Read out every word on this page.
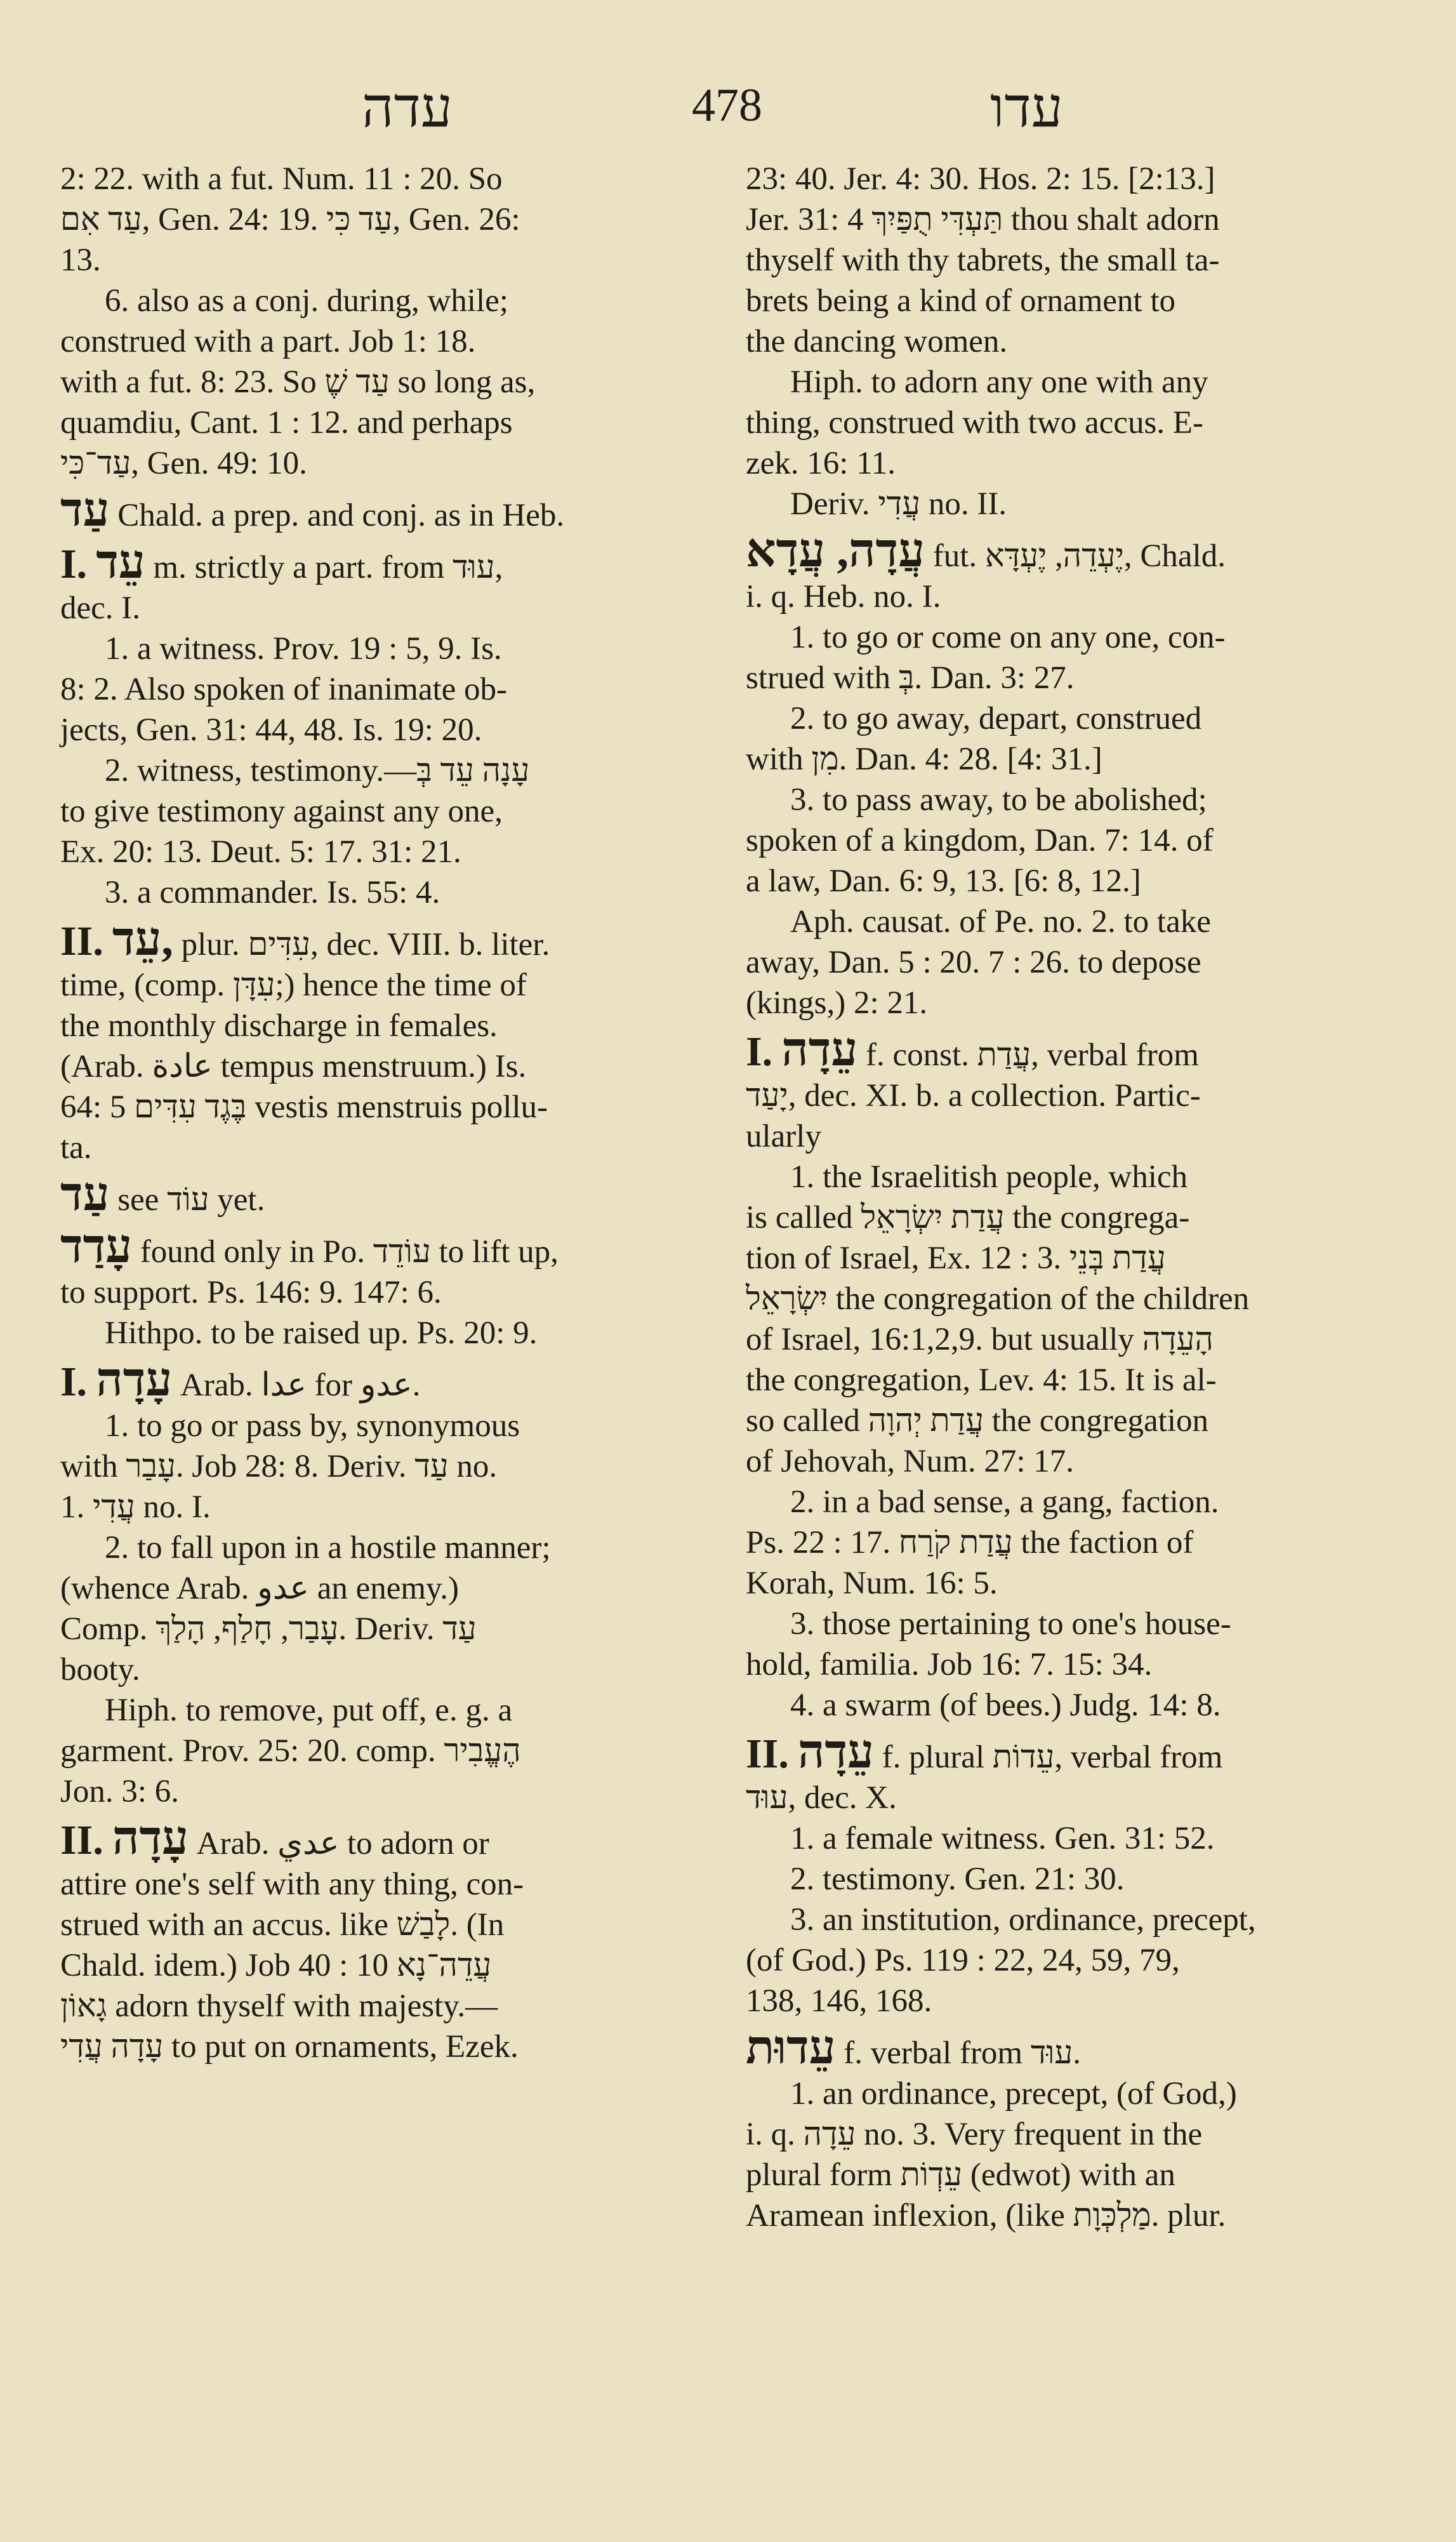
עדה	478	עדו
2: 22. with a fut. Num. 11 : 20. So
עַד אִם, Gen. 24: 19. עַד כִּי, Gen. 26:
13.
6. also as a conj. during, while;
construed with a part. Job 1: 18.
with a fut. 8: 23. So עַד שֶׁ so long as,
quamdiu, Cant. 1 : 12. and perhaps
עַד־כִּי, Gen. 49: 10.
עַד Chald. a prep. and conj. as in Heb.
I. עֵד m. strictly a part. from עוּד,
dec. I.
1. a witness. Prov. 19 : 5, 9. Is.
8: 2. Also spoken of inanimate ob-
jects, Gen. 31: 44, 48. Is. 19: 20.
2. witness, testimony.—עָנָה עֵד בְּ
to give testimony against any one,
Ex. 20: 13. Deut. 5: 17. 31: 21.
3. a commander. Is. 55: 4.
II. עֵד, plur. עִדִּים, dec. VIII. b. liter.
time, (comp. עִדָּן;) hence the time of
the monthly discharge in females.
(Arab. عادة tempus menstruum.) Is.
64: 5 בֶּגֶד עִדִּים vestis menstruis pollu-
ta.
עַד see עוֹד yet.
עָדַד found only in Po. עוֹדֵד to lift up,
to support. Ps. 146: 9. 147: 6.
Hithpo. to be raised up. Ps. 20: 9.
I. עָדָה Arab. عدا for عدو.
1. to go or pass by, synonymous
with עָבַר. Job 28: 8. Deriv. עַד no.
1. עֲדִי no. I.
2. to fall upon in a hostile manner;
(whence Arab. عدو an enemy.)
Comp. עָבַר, חָלַף, הָלַךְ. Deriv. עַד
booty.
Hiph. to remove, put off, e. g. a
garment. Prov. 25: 20. comp. הֶעֱבִיר
Jon. 3: 6.
II. עָדָה Arab. عدي to adorn or
attire one's self with any thing, con-
strued with an accus. like לָבַשׁ. (In
Chald. idem.) Job 40 : 10 עֲדֵה־נָא
גָאוֹן adorn thyself with majesty.—
עָדָה עֲדִי to put on ornaments, Ezek.
23: 40. Jer. 4: 30. Hos. 2: 15. [2:13.]
Jer. 31: 4 תַּעְדִּי תֻפַּיִךְ thou shalt adorn
thyself with thy tabrets, the small ta-
brets being a kind of ornament to
the dancing women.
Hiph. to adorn any one with any
thing, construed with two accus. E-
zek. 16: 11.
Deriv. עֲדִי no. II.
עֲדָה, עֲדָא fut. יֶעְדֵה, יֶעְדָּא, Chald.
i. q. Heb. no. I.
1. to go or come on any one, con-
strued with בְּ. Dan. 3: 27.
2. to go away, depart, construed
with מִן. Dan. 4: 28. [4: 31.]
3. to pass away, to be abolished;
spoken of a kingdom, Dan. 7: 14. of
a law, Dan. 6: 9, 13. [6: 8, 12.]
Aph. causat. of Pe. no. 2. to take
away, Dan. 5 : 20. 7 : 26. to depose
(kings,) 2: 21.
I. עֵדָה f. const. עֲדַת, verbal from
יָעַד, dec. XI. b. a collection. Partic-
ularly
1. the Israelitish people, which
is called עֲדַת יִשְׂרָאֵל the congrega-
tion of Israel, Ex. 12 : 3. עֲדַת בְּנֵי
יִשְׂרָאֵל the congregation of the children
of Israel, 16:1,2,9. but usually הָעֵדָה
the congregation, Lev. 4: 15. It is al-
so called עֲדַת יְהוָה the congregation
of Jehovah, Num. 27: 17.
2. in a bad sense, a gang, faction.
Ps. 22 : 17. עֲדַת קֹרַח the faction of
Korah, Num. 16: 5.
3. those pertaining to one's house-
hold, familia. Job 16: 7. 15: 34.
4. a swarm (of bees.) Judg. 14: 8.
II. עֵדָה f. plural עֵדוֹת, verbal from
עוּד, dec. X.
1. a female witness. Gen. 31: 52.
2. testimony. Gen. 21: 30.
3. an institution, ordinance, precept,
(of God.) Ps. 119 : 22, 24, 59, 79,
138, 146, 168.
עֵדוּת f. verbal from עוּד.
1. an ordinance, precept, (of God,)
i. q. עֵדָה no. 3. Very frequent in the
plural form עֵדְוֹת (edwot) with an
Aramean inflexion, (like מַלְכְּוָת. plur.
